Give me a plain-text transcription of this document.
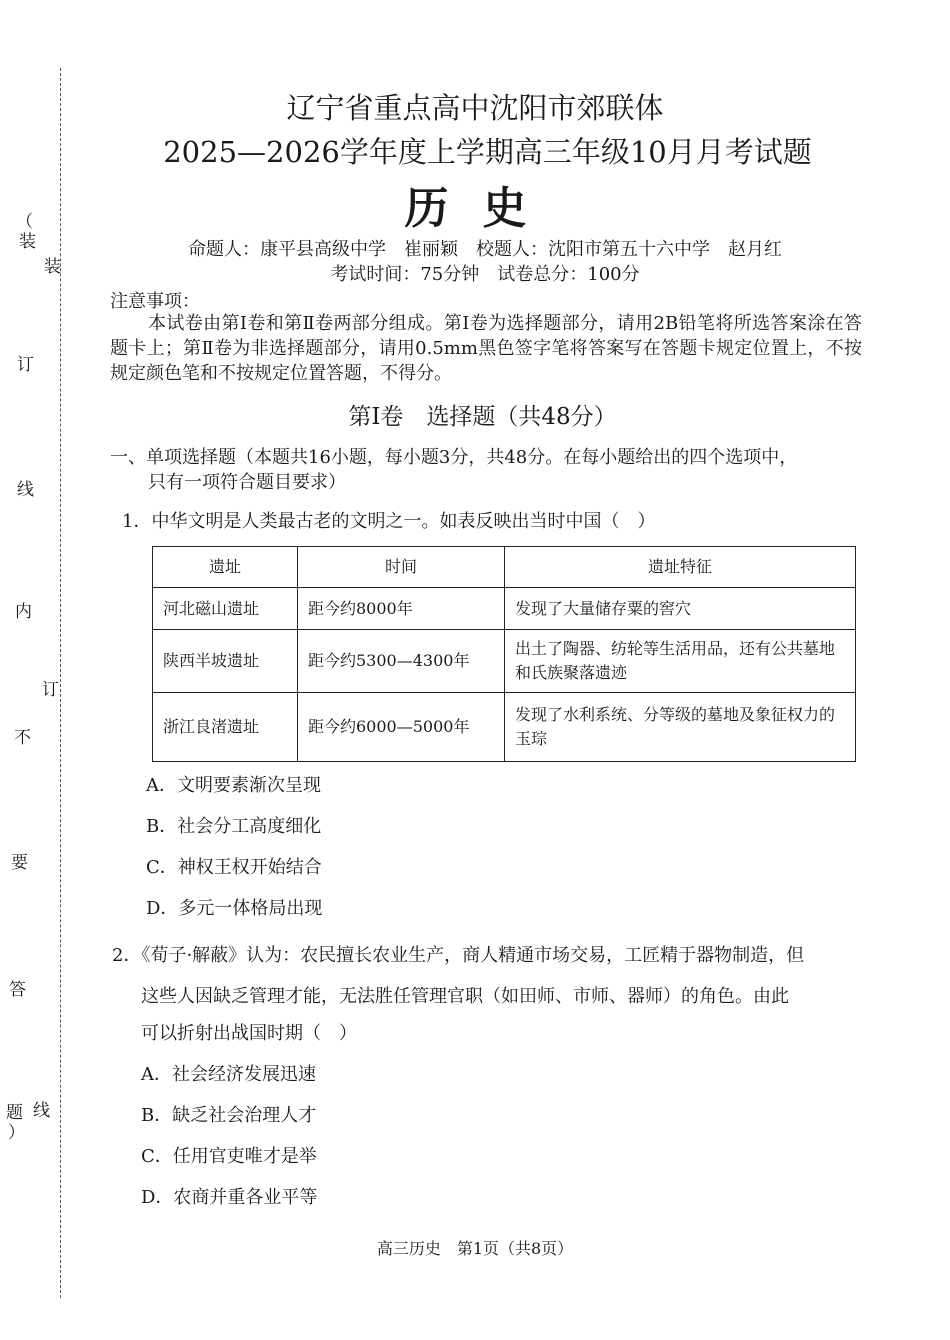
（
装
订
线
内
不
要
答
题
）
装
订
线
辽宁省重点高中沈阳市郊联体
2025—2026学年度上学期高三年级10月月考试题
历史
命题人：康平县高级中学　崔丽颖　校题人：沈阳市第五十六中学　赵月红
考试时间：75分钟　试卷总分：100分
注意事项：
本试卷由第Ⅰ卷和第Ⅱ卷两部分组成。第Ⅰ卷为选择题部分，请用2B铅笔将所选答案涂在答题卡上；第Ⅱ卷为非选择题部分，请用0.5mm黑色签字笔将答案写在答题卡规定位置上，不按规定颜色笔和不按规定位置答题，不得分。
第Ⅰ卷　选择题（共48分）
一、单项选择题（本题共16小题，每小题3分，共48分。在每小题给出的四个选项中，
只有一项符合题目要求）
1．中华文明是人类最古老的文明之一。如表反映出当时中国（　）
遗址	时间	遗址特征
河北磁山遗址	距今约8000年	发现了大量储存粟的窖穴
陕西半坡遗址	距今约5300—4300年	出土了陶器、纺轮等生活用品，还有公共墓地和氏族聚落遗迹
浙江良渚遗址	距今约6000—5000年	发现了水利系统、分等级的墓地及象征权力的玉琮
A．文明要素渐次呈现
B．社会分工高度细化
C．神权王权开始结合
D．多元一体格局出现
2．《荀子·解蔽》认为：农民擅长农业生产，商人精通市场交易，工匠精于器物制造，但
这些人因缺乏管理才能，无法胜任管理官职（如田师、市师、器师）的角色。由此
可以折射出战国时期（　）
A．社会经济发展迅速
B．缺乏社会治理人才
C．任用官吏唯才是举
D．农商并重各业平等
高三历史　第1页（共8页）
